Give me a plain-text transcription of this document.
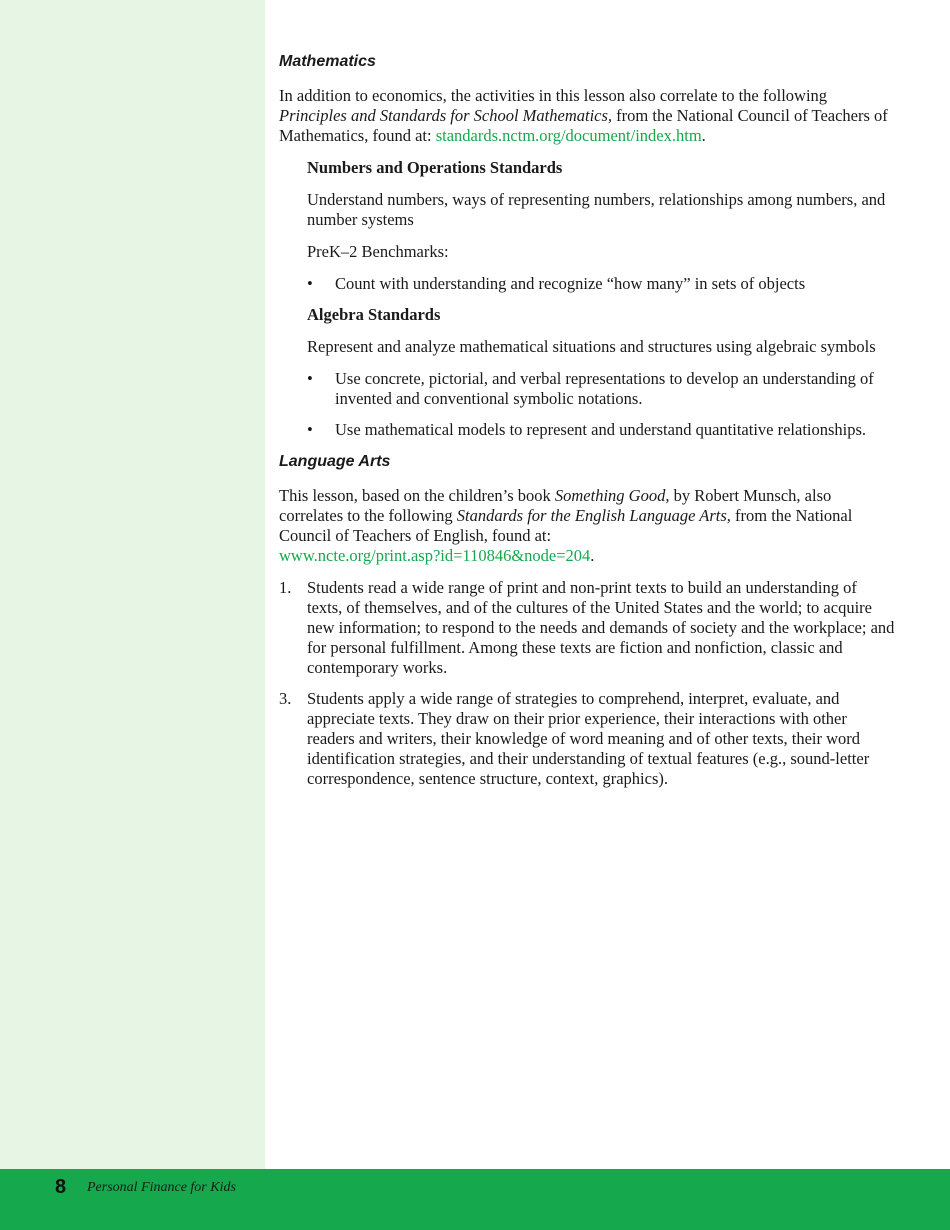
Mathematics

In addition to economics, the activities in this lesson also correlate to the following Principles and Standards for School Mathematics, from the National Council of Teachers of Mathematics, found at: standards.nctm.org/document/index.htm.

Numbers and Operations Standards

Understand numbers, ways of representing numbers, relationships among numbers, and number systems

PreK–2 Benchmarks:

•	Count with understanding and recognize “how many” in sets of objects
Algebra Standards

Represent and analyze mathematical situations and structures using algebraic symbols

•	Use concrete, pictorial, and verbal representations to develop an understanding of invented and conventional symbolic notations.
•	Use mathematical models to represent and understand quantitative relationships.
Language Arts

This lesson, based on the children’s book Something Good, by Robert Munsch, also correlates to the following Standards for the English Language Arts, from the National Council of Teachers of English, found at:
www.ncte.org/print.asp?id=110846&node=204.

1. Students read a wide range of print and non-print texts to build an understanding of texts, of themselves, and of the cultures of the United States and the world; to acquire new information; to respond to the needs and demands of society and the workplace; and for personal fulfillment. Among these texts are fiction and nonfiction, classic and contemporary works.
3. Students apply a wide range of strategies to comprehend, interpret, evaluate, and appreciate texts. They draw on their prior experience, their interactions with other readers and writers, their knowledge of word meaning and of other texts, their word identification strategies, and their understanding of textual features (e.g., sound-letter correspondence, sentence structure, context, graphics).
8 Personal Finance for Kids
